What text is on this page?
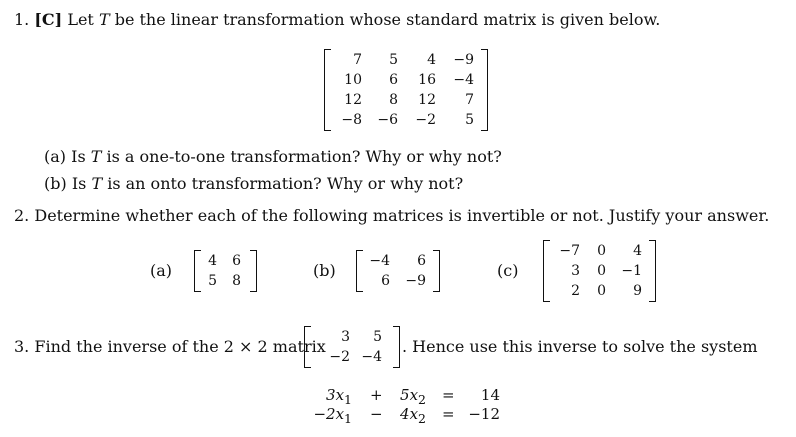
1. [C] Let T be the linear transformation whose standard matrix is given below.
7 5 4 −9
10 6 16 −4
12 8 12 7
−8 −6 −2 5
(a) Is T is a one-to-one transformation? Why or why not?
(b) Is T is an onto transformation? Why or why not?
2. Determine whether each of the following matrices is invertible or not. Justify your answer.
(a)	4 6
5 8
(b) −4 6
6 −9
(c)
−7 0 4
3 0 −1
2 0 9
3. Find the inverse of the 2 × 2 matrix 3 5
−2 −4
. Hence use this inverse to solve the system
$3x_1 + 5x_2 = 14$
$-2x_1 - 4x_2 = -12$
